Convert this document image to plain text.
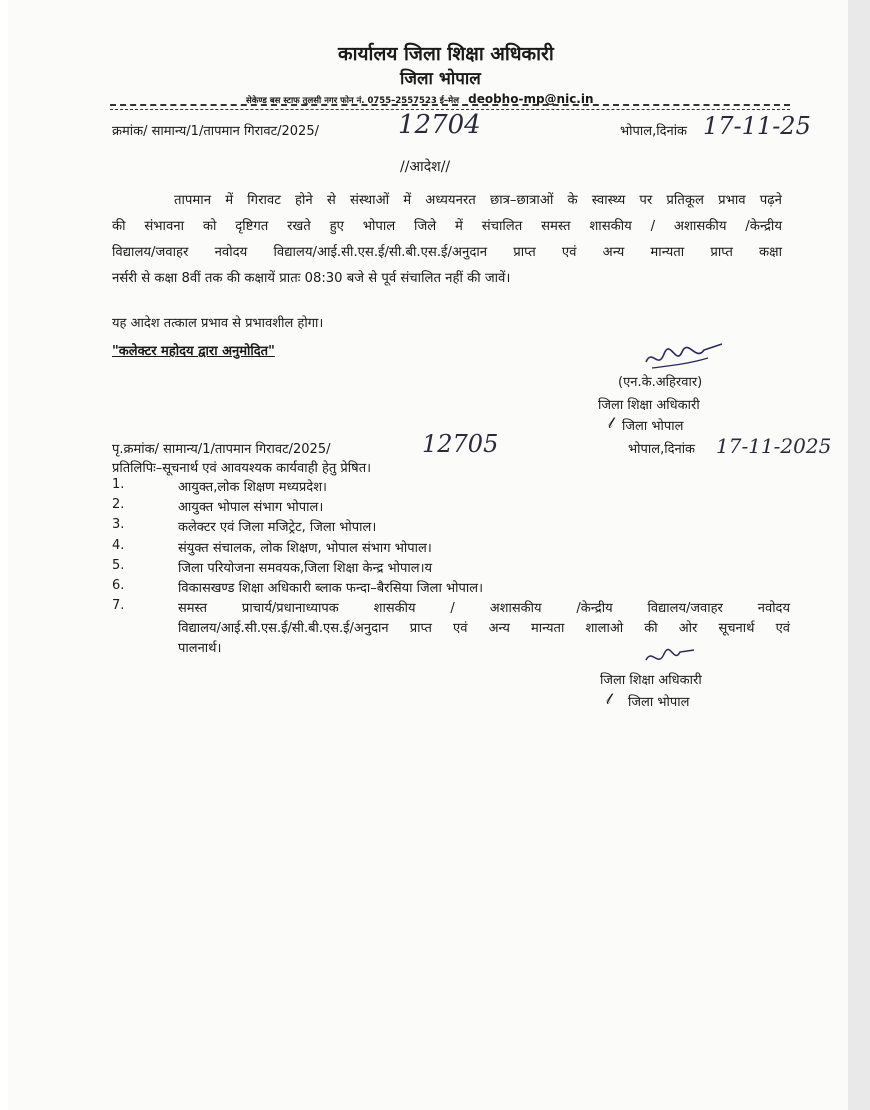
कार्यालय जिला शिक्षा अधिकारी
जिला भोपाल
सेकेण्ड बस स्टाफ तुलसी नगर फोन नं. 0755–2557523 ई–मेल deobho-mp@nic.in
क्रमांक/ सामान्य/1/तापमान गिरावट/2025/	12704	भोपाल,दिनांक 17-11-25
//आदेश//
तापमान में गिरावट होने से संस्थाओं में अध्ययनरत छात्र–छात्राओं के स्वास्थ्य पर प्रतिकूल प्रभाव पढ़ने
की संभावना को दृष्टिगत रखते हुए भोपाल जिले में संचालित समस्त शासकीय / अशासकीय /केन्द्रीय
विद्यालय/जवाहर नवोदय विद्यालय/आई.सी.एस.ई/सी.बी.एस.ई/अनुदान प्राप्त एवं अन्य मान्यता प्राप्त कक्षा
नर्सरी से कक्षा 8वीं तक की कक्षायें प्रातः 08:30 बजे से पूर्व संचालित नहीं की जावें।
यह आदेश तत्काल प्रभाव से प्रभावशील होगा।
"कलेक्टर महोदय द्वारा अनुमोदित"
(एन.के.अहिरवार)
जिला शिक्षा अधिकारी
𝓁 जिला भोपाल
पृ.क्रमांक/ सामान्य/1/तापमान गिरावट/2025/	12705	भोपाल,दिनांक 17-11-2025
प्रतिलिपिः–सूचनार्थ एवं आवयश्यक कार्यवाही हेतु प्रेषित।
1.	आयुक्त,लोक शिक्षण मध्यप्रदेश।
2.	आयुक्त भोपाल संभाग भोपाल।
3.	कलेक्टर एवं जिला मजिट्रेट, जिला भोपाल।
4.	संयुक्त संचालक, लोक शिक्षण, भोपाल संभाग भोपाल।
5.	जिला परियोजना समवयक,जिला शिक्षा केन्द्र भोपाल।य
6.	विकासखण्ड शिक्षा अधिकारी ब्लाक फन्दा–बैरसिया जिला भोपाल।
7.	समस्त प्राचार्य/प्रधानाध्यापक शासकीय / अशासकीय /केन्द्रीय विद्यालय/जवाहर नवोदय
विद्यालय/आई.सी.एस.ई/सी.बी.एस.ई/अनुदान प्राप्त एवं अन्य मान्यता शालाओ की ओर सूचनार्थ एवं
पालनार्थ।
जिला शिक्षा अधिकारी
𝓁 जिला भोपाल
